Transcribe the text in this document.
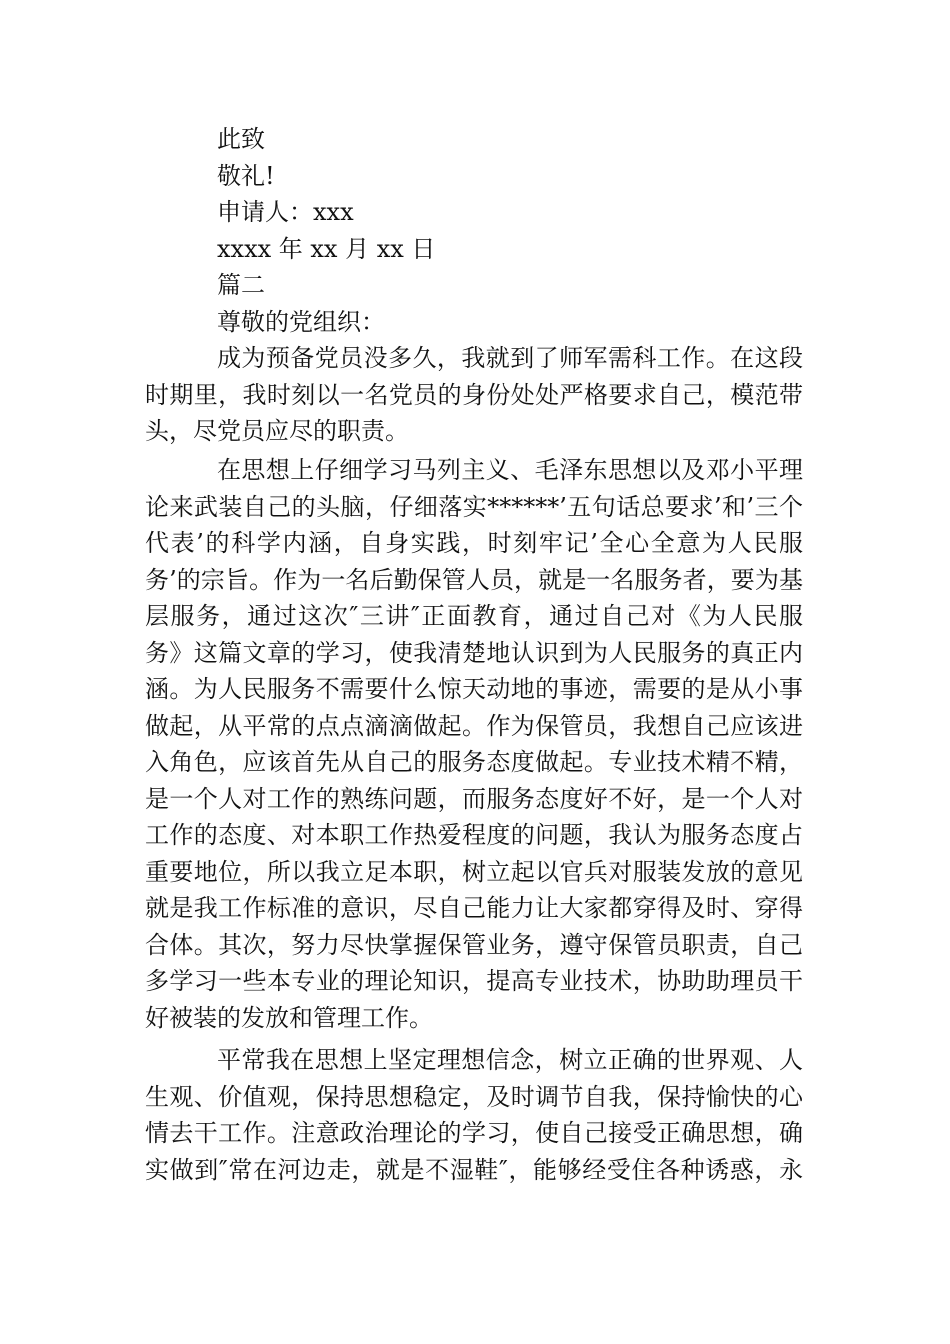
此致
敬礼!
申请人：xxx
xxxx 年 xx 月 xx 日
篇二
尊敬的党组织：
成为预备党员没多久，我就到了师军需科工作。在这段
时期里，我时刻以一名党员的身份处处严格要求自己，模范带
头，尽党员应尽的职责。
在思想上仔细学习马列主义、毛泽东思想以及邓小平理
论来武装自己的头脑，仔细落实******’五句话总要求’和’三个
代表’的科学内涵，自身实践，时刻牢记’全心全意为人民服
务’的宗旨。作为一名后勤保管人员，就是一名服务者，要为基
层服务，通过这次″三讲″正面教育，通过自己对《为人民服
务》这篇文章的学习，使我清楚地认识到为人民服务的真正内
涵。为人民服务不需要什么惊天动地的事迹，需要的是从小事
做起，从平常的点点滴滴做起。作为保管员，我想自己应该进
入角色，应该首先从自己的服务态度做起。专业技术精不精，
是一个人对工作的熟练问题，而服务态度好不好，是一个人对
工作的态度、对本职工作热爱程度的问题，我认为服务态度占
重要地位，所以我立足本职，树立起以官兵对服装发放的意见
就是我工作标准的意识，尽自己能力让大家都穿得及时、穿得
合体。其次，努力尽快掌握保管业务，遵守保管员职责，自己
多学习一些本专业的理论知识，提高专业技术，协助助理员干
好被装的发放和管理工作。
平常我在思想上坚定理想信念，树立正确的世界观、人
生观、价值观，保持思想稳定，及时调节自我，保持愉快的心
情去干工作。注意政治理论的学习，使自己接受正确思想，确
实做到″常在河边走，就是不湿鞋″，能够经受住各种诱惑，永
